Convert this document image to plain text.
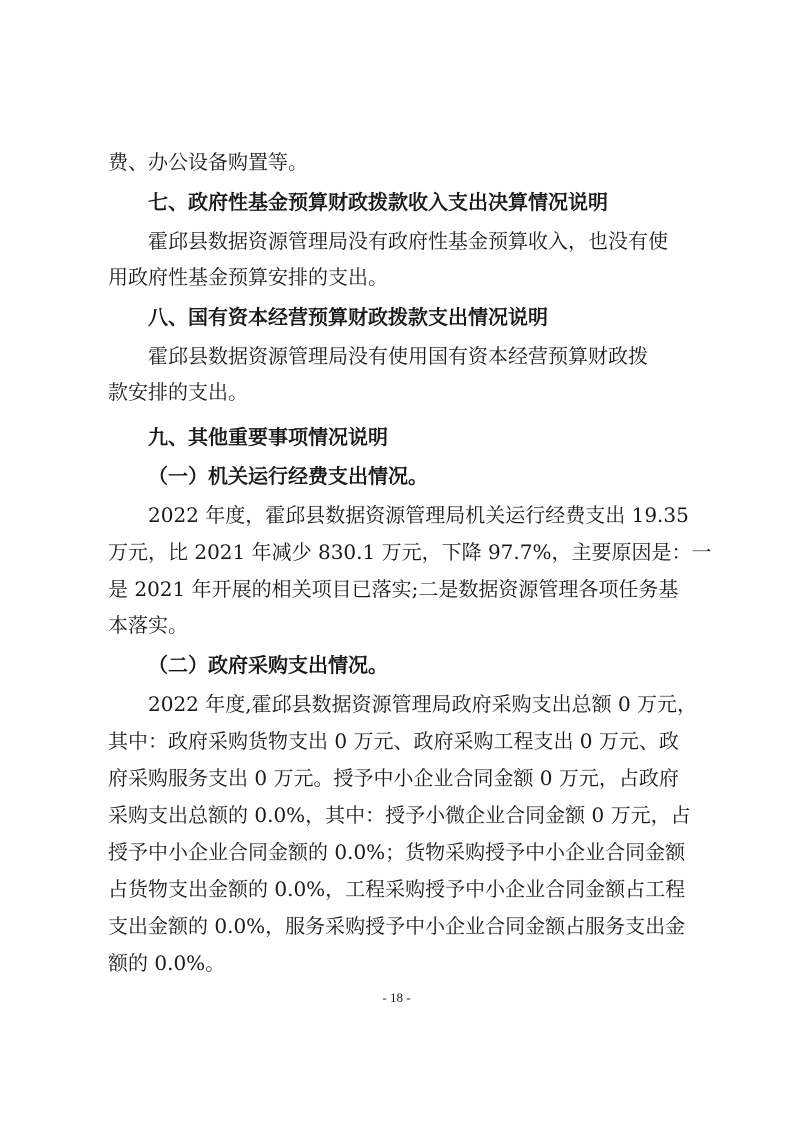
费、办公设备购置等。
七、政府性基金预算财政拨款收入支出决算情况说明
霍邱县数据资源管理局没有政府性基金预算收入，也没有使
用政府性基金预算安排的支出。
八、国有资本经营预算财政拨款支出情况说明
霍邱县数据资源管理局没有使用国有资本经营预算财政拨
款安排的支出。
九、其他重要事项情况说明
（一）机关运行经费支出情况。
2022 年度，霍邱县数据资源管理局机关运行经费支出 19.35
万元，比 2021 年减少 830.1 万元，下降 97.7%，主要原因是：一
是 2021 年开展的相关项目已落实;二是数据资源管理各项任务基
本落实。
（二）政府采购支出情况。
2022 年度,霍邱县数据资源管理局政府采购支出总额 0 万元，
其中：政府采购货物支出 0 万元、政府采购工程支出 0 万元、政
府采购服务支出 0 万元。授予中小企业合同金额 0 万元，占政府
采购支出总额的 0.0%，其中：授予小微企业合同金额 0 万元，占
授予中小企业合同金额的 0.0%；货物采购授予中小企业合同金额
占货物支出金额的 0.0%，工程采购授予中小企业合同金额占工程
支出金额的 0.0%，服务采购授予中小企业合同金额占服务支出金
额的 0.0%。
- 18 -
